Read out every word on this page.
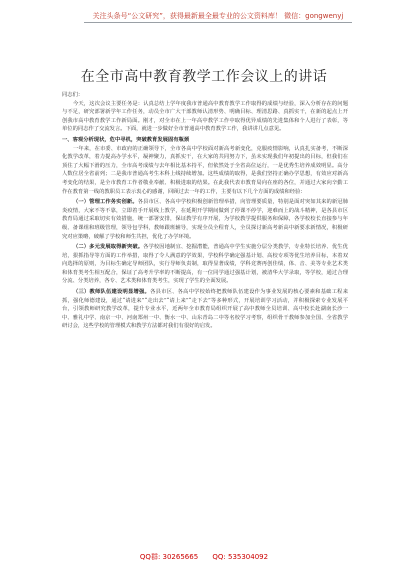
关注头条号“公文研究”，获得最新最全最专业的公文资料库！ 微信：gongwenyj
在全市高中教育教学工作会议上的讲话

同志们：

今天，这次会议主要任务是：认真总结上学年度我市普通高中教育教学工作取得的成绩与经验，深入分析存在的问题与不足，研究部署新学年工作任务，动员全市广大干部教师认清形势、明确目标、理清思路、真抓实干，在新的起点上开创我市高中教育教学工作新局面。刚才，对全市在上一年高中教学工作中取得优异成绩的先进集体和个人进行了表彰，等单位的同志作了交流发言。下面，就进一步做好全市普通高中教育教学工作，我讲讲几点意见。

一、客观分析现状，危中寻机，突破教育发展固有瓶颈

一年来，在市委、市政府的正确领导下，全市各高中学校面对新高考新变化，克服疫情影响，认真扎实备考，不断深化教学改革，着力提高办学水平，凝神聚力，真抓实干，在大家的共同努力下，虽未实现我们年初提出的目标，但我们在顶住了大幅下滑的压力，全市高考成绩与去年相比基本持平，但依然处于全省高位运行，一是优秀生培养成效明显。高分人数位居全省前列；二是我市普通高考生本科上线持续增加。这些成绩的取得，是我们坚持正确办学思想，有效应对新高考变化的结果，是全市教育工作者敬业奉献、积极进取的结果。在此我代表市教育局向在座的各位，并通过大家向辛勤工作在教育第一线的教职员工表示衷心的感谢，回顾过去一年的工作，主要有以下几个方面的成绩和经验：

（一）管理工作务实创新。各县市区、各高中学校积极创新管理举措，向管理要质量，特别是面对突如其来的新冠肺炎疫情，大家不等不靠，立即着手开展线上教学，在延期开学期间做到了停课不停学，迎难而上的战斗精神，是各县市区教育局通过采取切实有效措施，统一部署安排，保证教学有序开展，为学校教学提供服务和保障，各学校校长直接参与年级、备课组和班级管理，领导包学科，教师跟班辅导，实现全员全程育人，全员探讨新高考新高中新要求新情况，积极研究对应策略，破解了学校和师生共担，优化了办学环境。

（二）多元发展取得新突破。各学校因地制宜、挖掘潜能，普通高中学生实施分层分类教学，专业特长培养、优生优培，狠抓指导等方面的工作举措，取得了令人满意的学效果，学校科学确定强基计划、高校专项等优生培养目标，本着双向选择的原则，为目标生确定导师团队，实行导师负责制，取得显著成绩，学科竞赛再创佳绩，体、音、美等专业艺术类和体育类考生相互配合，保证了高考升学率的不断提高，有一位同学通过强基计划，被清华大学录取，等学校，通过合理分流、分类培养，各专、艺术类和体育类考生，实现了学生的全面发展。

（三）教师队伍建设明显增强。各县市区、各高中学校始终把教师队伍建设作为事业发展的核心要素和基础工程来抓，强化师德建设，通过“请进来”“走出去”“请上来”“走下去”等多种形式，开展培训学习活动，并积极探索专业发展平台，引领教师研究教学改革，提升专业水平，近两年全市教育局组织开展了高中教师全员培训、高中校长赴湖南长沙一中、雅礼中学、南京一中、河南郑州一中、衡水一中、山东青岛二中等名校学习考察，组织骨干教师参加全国、全省教学研讨会，这些学校的管理模式和教学方法都对我们有很好的启发。

QQ群: 30265665 QQ: 535304092
